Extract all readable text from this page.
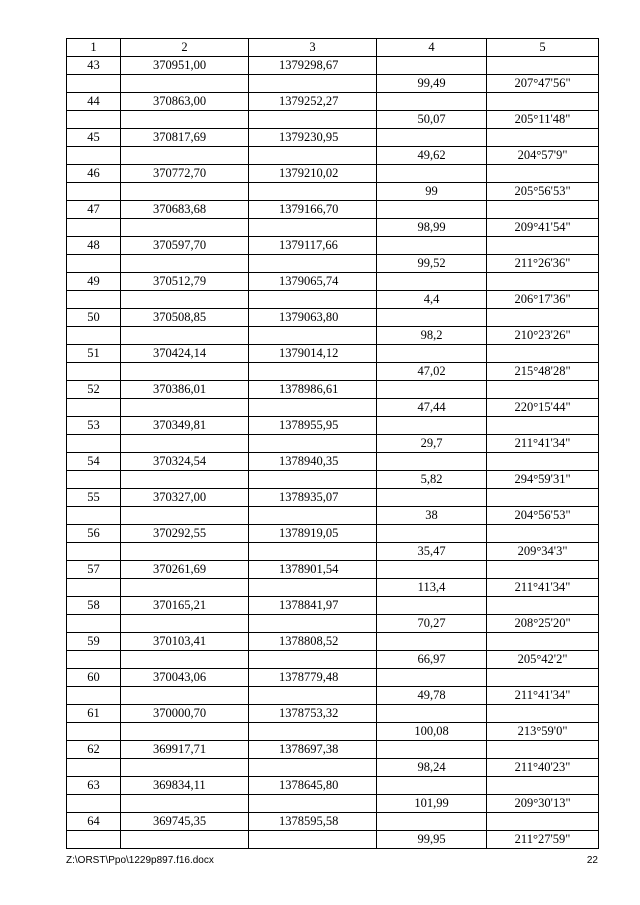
1	2	3	4	5
43	370951,00	1379298,67		
			99,49	207°47'56"
44	370863,00	1379252,27		
			50,07	205°11'48"
45	370817,69	1379230,95		
			49,62	204°57'9"
46	370772,70	1379210,02		
			99	205°56'53"
47	370683,68	1379166,70		
			98,99	209°41'54"
48	370597,70	1379117,66		
			99,52	211°26'36"
49	370512,79	1379065,74		
			4,4	206°17'36"
50	370508,85	1379063,80		
			98,2	210°23'26"
51	370424,14	1379014,12		
			47,02	215°48'28"
52	370386,01	1378986,61		
			47,44	220°15'44"
53	370349,81	1378955,95		
			29,7	211°41'34"
54	370324,54	1378940,35		
			5,82	294°59'31"
55	370327,00	1378935,07		
			38	204°56'53"
56	370292,55	1378919,05		
			35,47	209°34'3"
57	370261,69	1378901,54		
			113,4	211°41'34"
58	370165,21	1378841,97		
			70,27	208°25'20"
59	370103,41	1378808,52		
			66,97	205°42'2"
60	370043,06	1378779,48		
			49,78	211°41'34"
61	370000,70	1378753,32		
			100,08	213°59'0"
62	369917,71	1378697,38		
			98,24	211°40'23"
63	369834,11	1378645,80		
			101,99	209°30'13"
64	369745,35	1378595,58		
			99,95	211°27'59"
Z:\ORST\Ppo\1229p897.f16.docx	22
